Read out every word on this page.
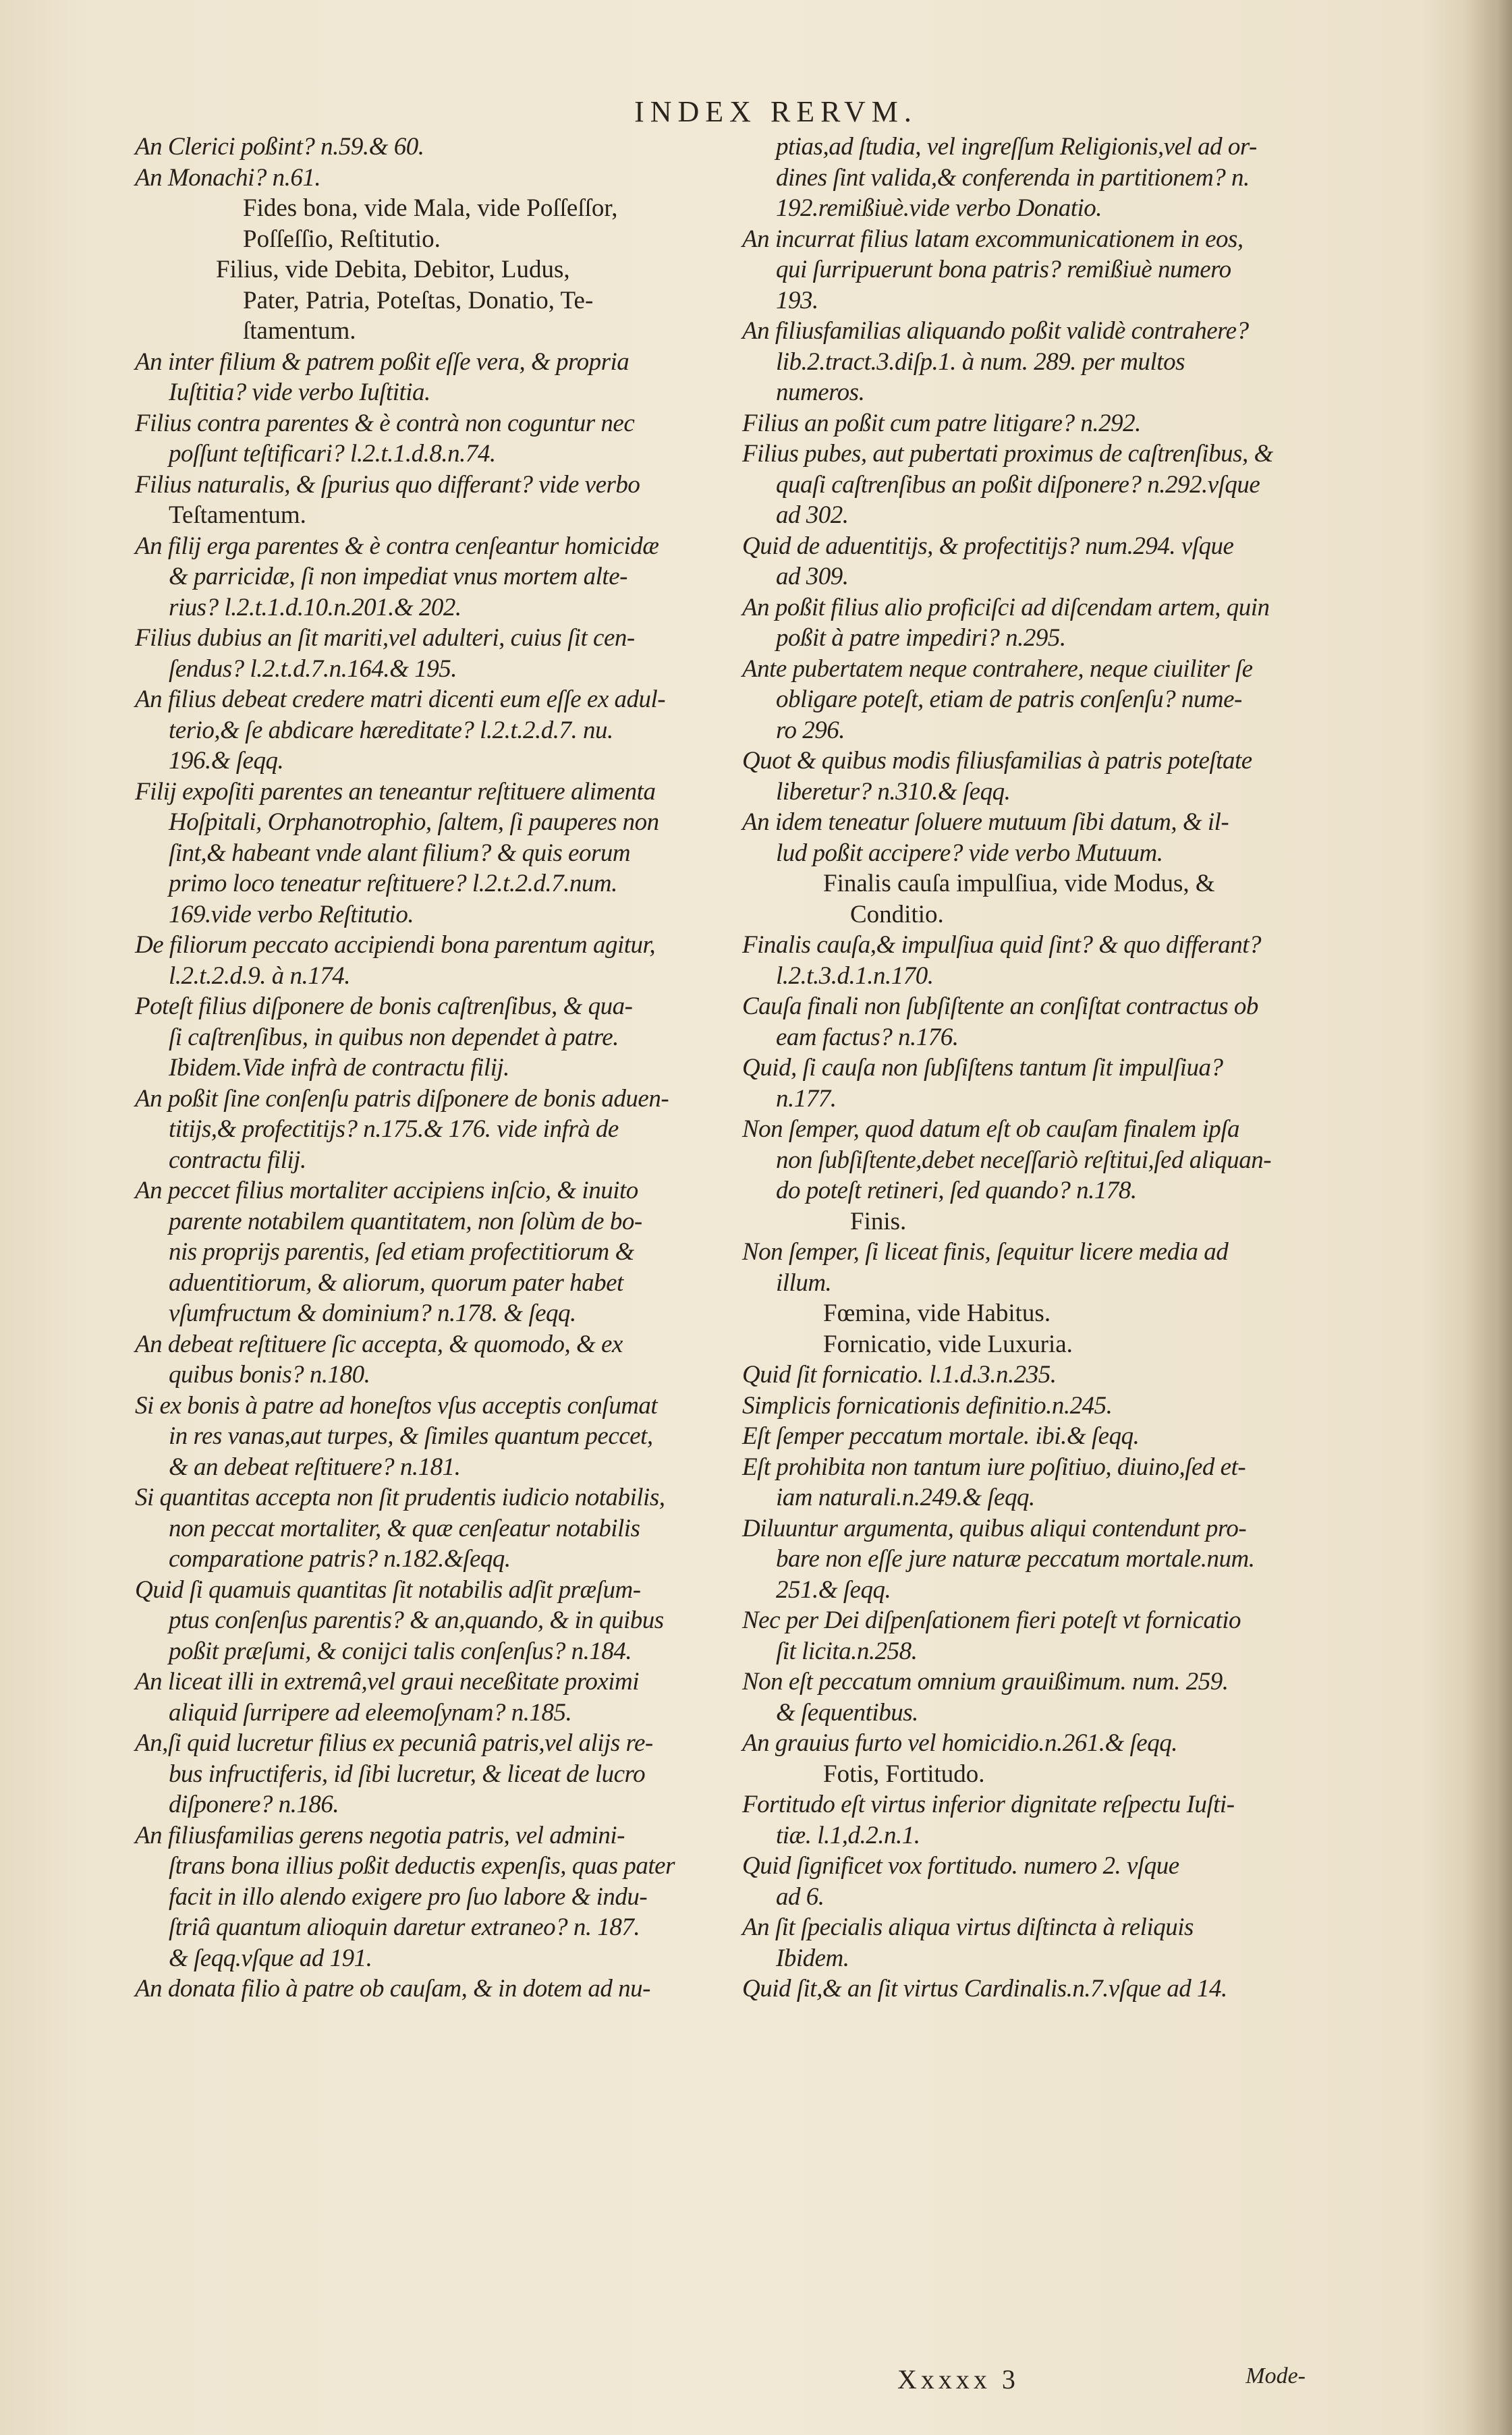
INDEX RERVM.
An Clerici poßint? n.59.& 60.
An Monachi? n.61.
Fides bona, vide Mala, vide Poſſeſſor,
Poſſeſſio, Reſtitutio.
Filius, vide Debita, Debitor, Ludus,
Pater, Patria, Poteſtas, Donatio, Te-
ſtamentum.
An inter filium & patrem poßit eſſe vera, & propria
Iuſtitia? vide verbo Iuſtitia.
Filius contra parentes & è contrà non coguntur nec
poſſunt teſtificari? l.2.t.1.d.8.n.74.
Filius naturalis, & ſpurius quo differant? vide verbo
Teſtamentum.
An filij erga parentes & è contra cenſeantur homicidæ
& parricidæ, ſi non impediat vnus mortem alte-
rius? l.2.t.1.d.10.n.201.& 202.
Filius dubius an ſit mariti,vel adulteri, cuius ſit cen-
ſendus? l.2.t.d.7.n.164.& 195.
An filius debeat credere matri dicenti eum eſſe ex adul-
terio,& ſe abdicare hæreditate? l.2.t.2.d.7. nu.
196.& ſeqq.
Filij expoſiti parentes an teneantur reſtituere alimenta
Hoſpitali, Orphanotrophio, ſaltem, ſi pauperes non
ſint,& habeant vnde alant filium? & quis eorum
primo loco teneatur reſtituere? l.2.t.2.d.7.num.
169.vide verbo Reſtitutio.
De filiorum peccato accipiendi bona parentum agitur,
l.2.t.2.d.9. à n.174.
Poteſt filius diſponere de bonis caſtrenſibus, & qua-
ſi caſtrenſibus, in quibus non dependet à patre.
Ibidem.Vide infrà de contractu filij.
An poßit ſine conſenſu patris diſponere de bonis aduen-
titijs,& profectitijs? n.175.& 176. vide infrà de
contractu filij.
An peccet filius mortaliter accipiens inſcio, & inuito
parente notabilem quantitatem, non ſolùm de bo-
nis proprijs parentis, ſed etiam profectitiorum &
aduentitiorum, & aliorum, quorum pater habet
vſumfructum & dominium? n.178. & ſeqq.
An debeat reſtituere ſic accepta, & quomodo, & ex
quibus bonis? n.180.
Si ex bonis à patre ad honeſtos vſus acceptis conſumat
in res vanas,aut turpes, & ſimiles quantum peccet,
& an debeat reſtituere? n.181.
Si quantitas accepta non ſit prudentis iudicio notabilis,
non peccat mortaliter, & quæ cenſeatur notabilis
comparatione patris? n.182.&ſeqq.
Quid ſi quamuis quantitas ſit notabilis adſit præſum-
ptus conſenſus parentis? & an,quando, & in quibus
poßit præſumi, & conijci talis conſenſus? n.184.
An liceat illi in extremâ,vel graui neceßitate proximi
aliquid ſurripere ad eleemoſynam? n.185.
An,ſi quid lucretur filius ex pecuniâ patris,vel alijs re-
bus infructiferis, id ſibi lucretur, & liceat de lucro
diſponere? n.186.
An filiusfamilias gerens negotia patris, vel admini-
ſtrans bona illius poßit deductis expenſis, quas pater
facit in illo alendo exigere pro ſuo labore & indu-
ſtriâ quantum alioquin daretur extraneo? n. 187.
& ſeqq.vſque ad 191.
An donata filio à patre ob cauſam, & in dotem ad nu-
ptias,ad ſtudia, vel ingreſſum Religionis,vel ad or-
dines ſint valida,& conferenda in partitionem? n.
192.remißiuè.vide verbo Donatio.
An incurrat filius latam excommunicationem in eos,
qui ſurripuerunt bona patris? remißiuè numero
193.
An filiusfamilias aliquando poßit validè contrahere?
lib.2.tract.3.diſp.1. à num. 289. per multos
numeros.
Filius an poßit cum patre litigare? n.292.
Filius pubes, aut pubertati proximus de caſtrenſibus, &
quaſi caſtrenſibus an poßit diſponere? n.292.vſque
ad 302.
Quid de aduentitijs, & profectitijs? num.294. vſque
ad 309.
An poßit filius alio proficiſci ad diſcendam artem, quin
poßit à patre impediri? n.295.
Ante pubertatem neque contrahere, neque ciuiliter ſe
obligare poteſt, etiam de patris conſenſu? nume-
ro 296.
Quot & quibus modis filiusfamilias à patris poteſtate
liberetur? n.310.& ſeqq.
An idem teneatur ſoluere mutuum ſibi datum, & il-
lud poßit accipere? vide verbo Mutuum.
Finalis cauſa impulſiua, vide Modus, &
Conditio.
Finalis cauſa,& impulſiua quid ſint? & quo differant?
l.2.t.3.d.1.n.170.
Cauſa finali non ſubſiſtente an conſiſtat contractus ob
eam factus? n.176.
Quid, ſi cauſa non ſubſiſtens tantum ſit impulſiua?
n.177.
Non ſemper, quod datum eſt ob cauſam finalem ipſa
non ſubſiſtente,debet neceſſariò reſtitui,ſed aliquan-
do poteſt retineri, ſed quando? n.178.
Finis.
Non ſemper, ſi liceat finis, ſequitur licere media ad
illum.
Fœmina, vide Habitus.
Fornicatio, vide Luxuria.
Quid ſit fornicatio. l.1.d.3.n.235.
Simplicis fornicationis definitio.n.245.
Eſt ſemper peccatum mortale. ibi.& ſeqq.
Eſt prohibita non tantum iure poſitiuo, diuino,ſed et-
iam naturali.n.249.& ſeqq.
Diluuntur argumenta, quibus aliqui contendunt pro-
bare non eſſe jure naturæ peccatum mortale.num.
251.& ſeqq.
Nec per Dei diſpenſationem fieri poteſt vt fornicatio
ſit licita.n.258.
Non eſt peccatum omnium grauißimum. num. 259.
& ſequentibus.
An grauius furto vel homicidio.n.261.& ſeqq.
Fotis, Fortitudo.
Fortitudo eſt virtus inferior dignitate reſpectu Iuſti-
tiæ. l.1,d.2.n.1.
Quid ſignificet vox fortitudo. numero 2. vſque
ad 6.
An ſit ſpecialis aliqua virtus diſtincta à reliquis
Ibidem.
Quid ſit,& an ſit virtus Cardinalis.n.7.vſque ad 14.
Xxxxx 3	Mode-
